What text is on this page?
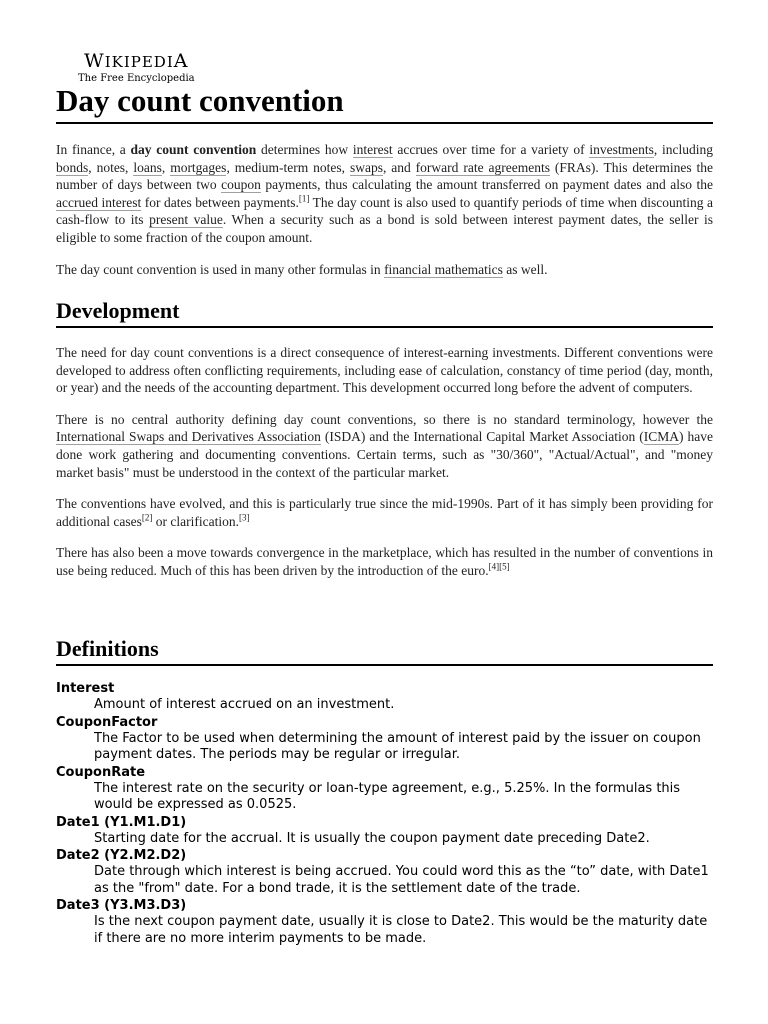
WIKIPEDIA
The Free Encyclopedia
Day count convention

In finance, a day count convention determines how interest accrues over time for a variety of investments, including bonds, notes, loans, mortgages, medium-term notes, swaps, and forward rate agreements (FRAs). This determines the number of days between two coupon payments, thus calculating the amount transferred on payment dates and also the accrued interest for dates between payments.[1] The day count is also used to quantify periods of time when discounting a cash-flow to its present value. When a security such as a bond is sold between interest payment dates, the seller is eligible to some fraction of the coupon amount.

The day count convention is used in many other formulas in financial mathematics as well.

Development

The need for day count conventions is a direct consequence of interest-earning investments. Different conventions were developed to address often conflicting requirements, including ease of calculation, constancy of time period (day, month, or year) and the needs of the accounting department. This development occurred long before the advent of computers.

There is no central authority defining day count conventions, so there is no standard terminology, however the International Swaps and Derivatives Association (ISDA) and the International Capital Market Association (ICMA) have done work gathering and documenting conventions. Certain terms, such as "30/360", "Actual/Actual", and "money market basis" must be understood in the context of the particular market.

The conventions have evolved, and this is particularly true since the mid-1990s. Part of it has simply been providing for additional cases[2] or clarification.[3]

There has also been a move towards convergence in the marketplace, which has resulted in the number of conventions in use being reduced. Much of this has been driven by the introduction of the euro.[4][5]

Definitions
Interest
Amount of interest accrued on an investment.
CouponFactor
The Factor to be used when determining the amount of interest paid by the issuer on coupon payment dates. The periods may be regular or irregular.
CouponRate
The interest rate on the security or loan-type agreement, e.g., 5.25%. In the formulas this would be expressed as 0.0525.
Date1 (Y1.M1.D1)
Starting date for the accrual. It is usually the coupon payment date preceding Date2.
Date2 (Y2.M2.D2)
Date through which interest is being accrued. You could word this as the “to” date, with Date1 as the "from" date. For a bond trade, it is the settlement date of the trade.
Date3 (Y3.M3.D3)
Is the next coupon payment date, usually it is close to Date2. This would be the maturity date if there are no more interim payments to be made.
